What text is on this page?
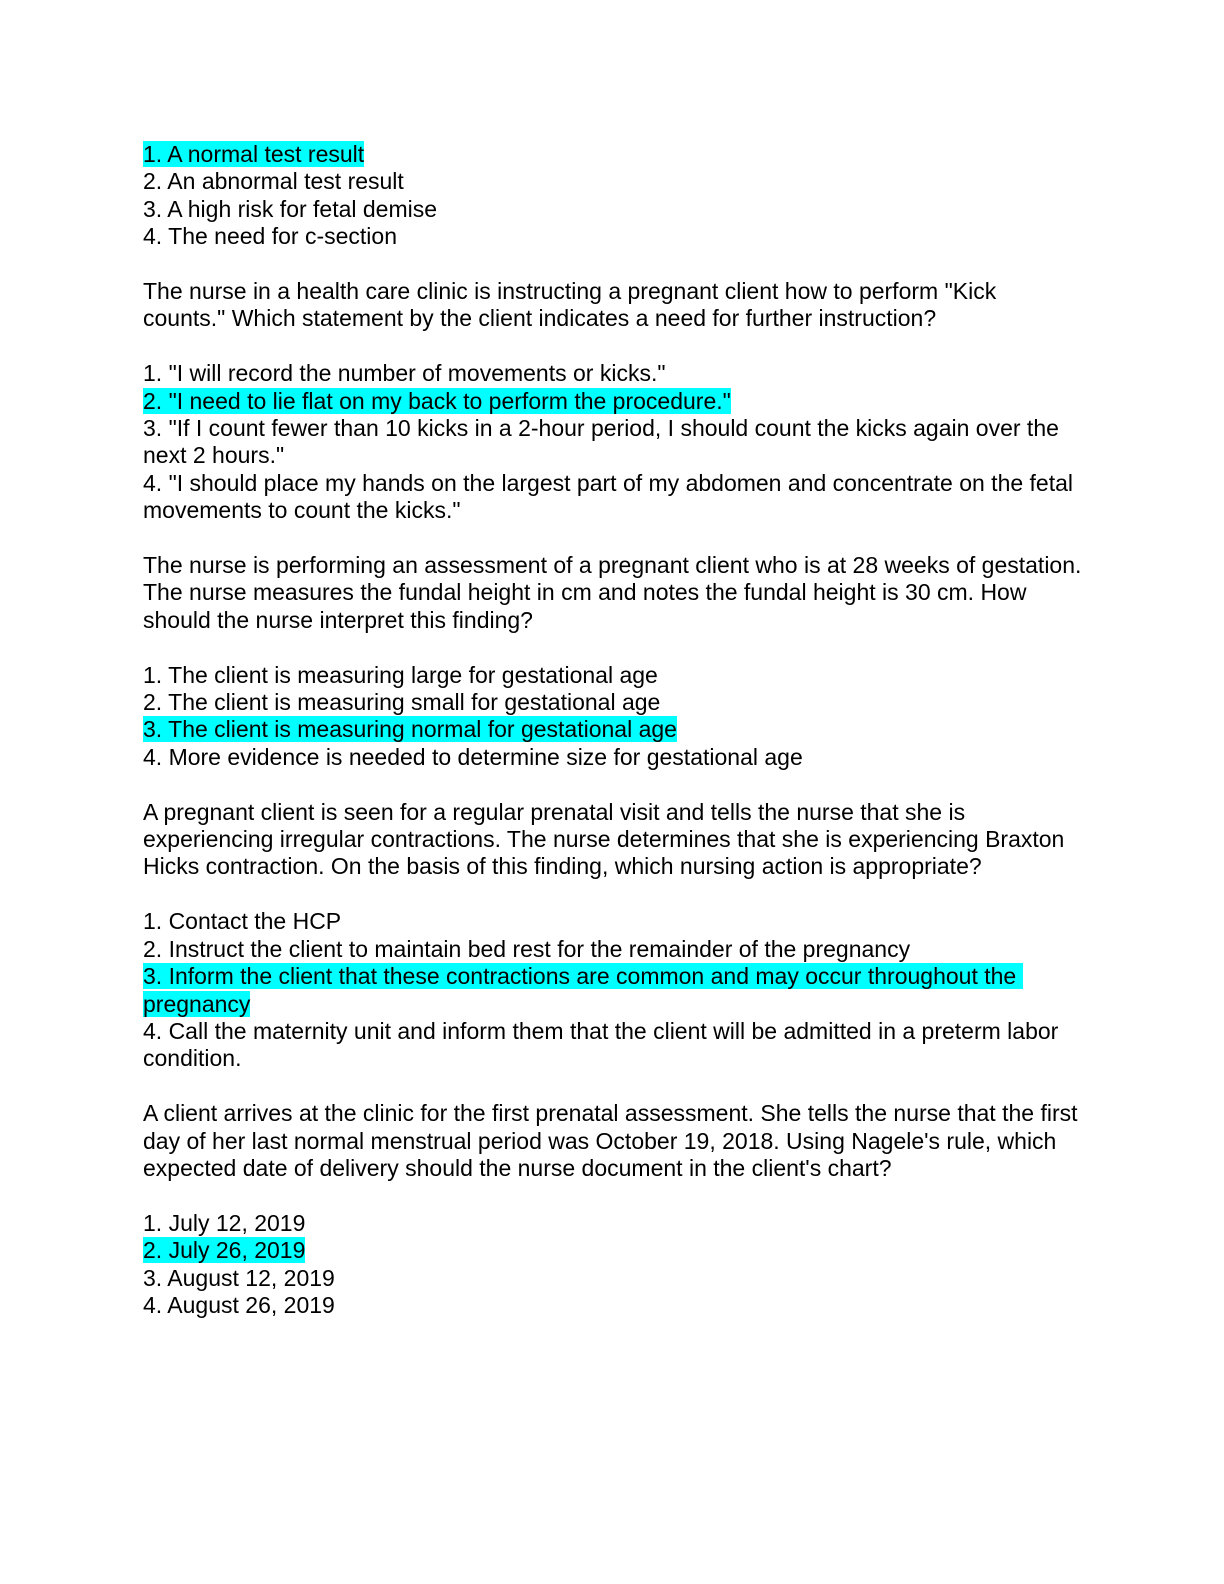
1. A normal test result
2. An abnormal test result
3. A high risk for fetal demise
4. The need for c-section

The nurse in a health care clinic is instructing a pregnant client how to perform "Kick counts." Which statement by the client indicates a need for further instruction?

1. "I will record the number of movements or kicks."
2. "I need to lie flat on my back to perform the procedure."
3. "If I count fewer than 10 kicks in a 2-hour period, I should count the kicks again over the next 2 hours."
4. "I should place my hands on the largest part of my abdomen and concentrate on the fetal movements to count the kicks."

The nurse is performing an assessment of a pregnant client who is at 28 weeks of gestation. The nurse measures the fundal height in cm and notes the fundal height is 30 cm. How should the nurse interpret this finding?

1. The client is measuring large for gestational age
2. The client is measuring small for gestational age
3. The client is measuring normal for gestational age
4. More evidence is needed to determine size for gestational age

A pregnant client is seen for a regular prenatal visit and tells the nurse that she is experiencing irregular contractions. The nurse determines that she is experiencing Braxton Hicks contraction. On the basis of this finding, which nursing action is appropriate?

1. Contact the HCP
2. Instruct the client to maintain bed rest for the remainder of the pregnancy
3. Inform the client that these contractions are common and may occur throughout the pregnancy
4. Call the maternity unit and inform them that the client will be admitted in a preterm labor condition.

A client arrives at the clinic for the first prenatal assessment. She tells the nurse that the first day of her last normal menstrual period was October 19, 2018. Using Nagele's rule, which expected date of delivery should the nurse document in the client's chart?

1. July 12, 2019
2. July 26, 2019
3. August 12, 2019
4. August 26, 2019
